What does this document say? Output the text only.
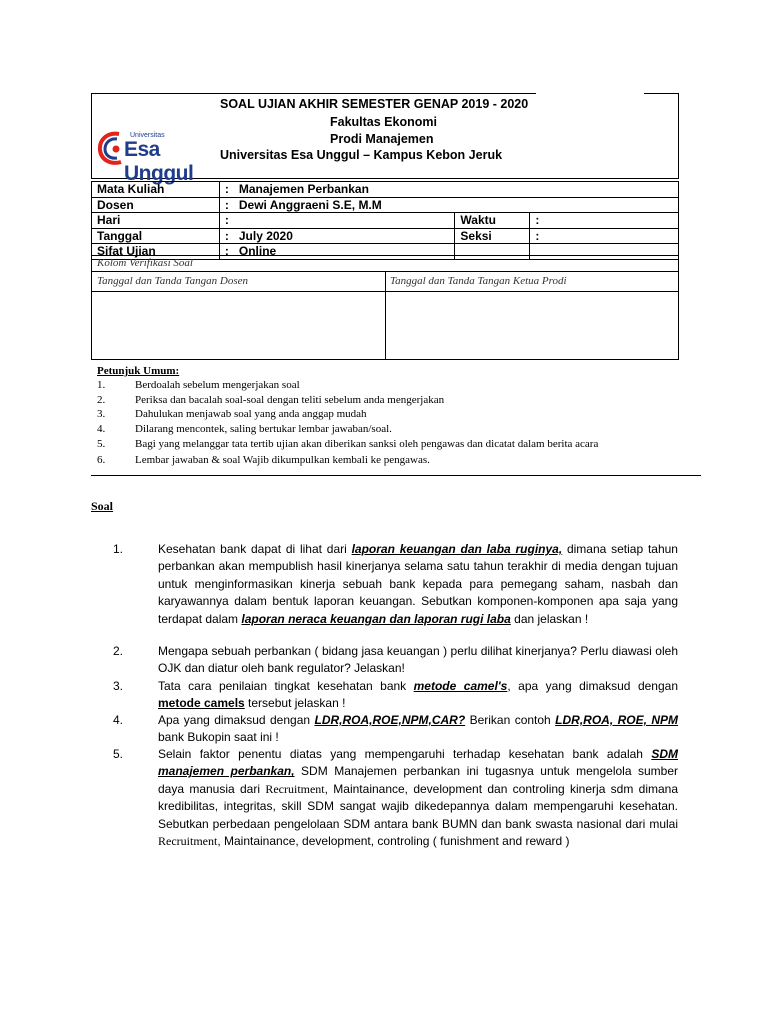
Universitas
Esa Unggul
SOAL UJIAN AKHIR SEMESTER GENAP 2019 - 2020
Fakultas Ekonomi
Prodi Manajemen
Universitas Esa Unggul – Kampus Kebon Jeruk
Mata Kuliah	: Manajemen Perbankan		
Dosen	: Dewi Anggraeni S.E, M.M		
Hari	:	Waktu	:
Tanggal	: July 2020	Seksi	:
Sifat Ujian	: Online		
Kolom Verifikasi Soal
Tanggal dan Tanda Tangan Dosen	Tanggal dan Tanda Tangan Ketua Prodi
Petunjuk Umum:
1.	Berdoalah sebelum mengerjakan soal
2.	Periksa dan bacalah soal-soal dengan teliti sebelum anda mengerjakan
3.	Dahulukan menjawab soal yang anda anggap mudah
4.	Dilarang mencontek, saling bertukar lembar jawaban/soal.
5.	Bagi yang melanggar tata tertib ujian akan diberikan sanksi oleh pengawas dan dicatat dalam berita acara
6.	Lembar jawaban & soal Wajib dikumpulkan kembali ke pengawas.
Soal
1.	Kesehatan bank dapat di lihat dari laporan keuangan dan laba ruginya, dimana setiap tahun perbankan akan mempublish hasil kinerjanya selama satu tahun terakhir di media dengan tujuan untuk menginformasikan kinerja sebuah bank kepada para pemegang saham, nasbah dan karyawannya dalam bentuk laporan keuangan. Sebutkan komponen-komponen apa saja yang terdapat dalam laporan neraca keuangan dan laporan rugi laba dan jelaskan !
2.	Mengapa sebuah perbankan ( bidang jasa keuangan ) perlu dilihat kinerjanya? Perlu diawasi oleh OJK dan diatur oleh bank regulator? Jelaskan!
3.	Tata cara penilaian tingkat kesehatan bank metode camel's, apa yang dimaksud dengan metode camels tersebut jelaskan !
4.	Apa yang dimaksud dengan LDR,ROA,ROE,NPM,CAR? Berikan contoh LDR,ROA, ROE, NPM bank Bukopin saat ini !
5.	Selain faktor penentu diatas yang mempengaruhi terhadap kesehatan bank adalah SDM manajemen perbankan, SDM Manajemen perbankan ini tugasnya untuk mengelola sumber daya manusia dari Recruitment, Maintainance, development dan controling kinerja sdm dimana kredibilitas, integritas, skill SDM sangat wajib dikedepannya dalam mempengaruhi kesehatan. Sebutkan perbedaan pengelolaan SDM antara bank BUMN dan bank swasta nasional dari mulai Recruitment, Maintainance, development, controling ( funishment and reward )
